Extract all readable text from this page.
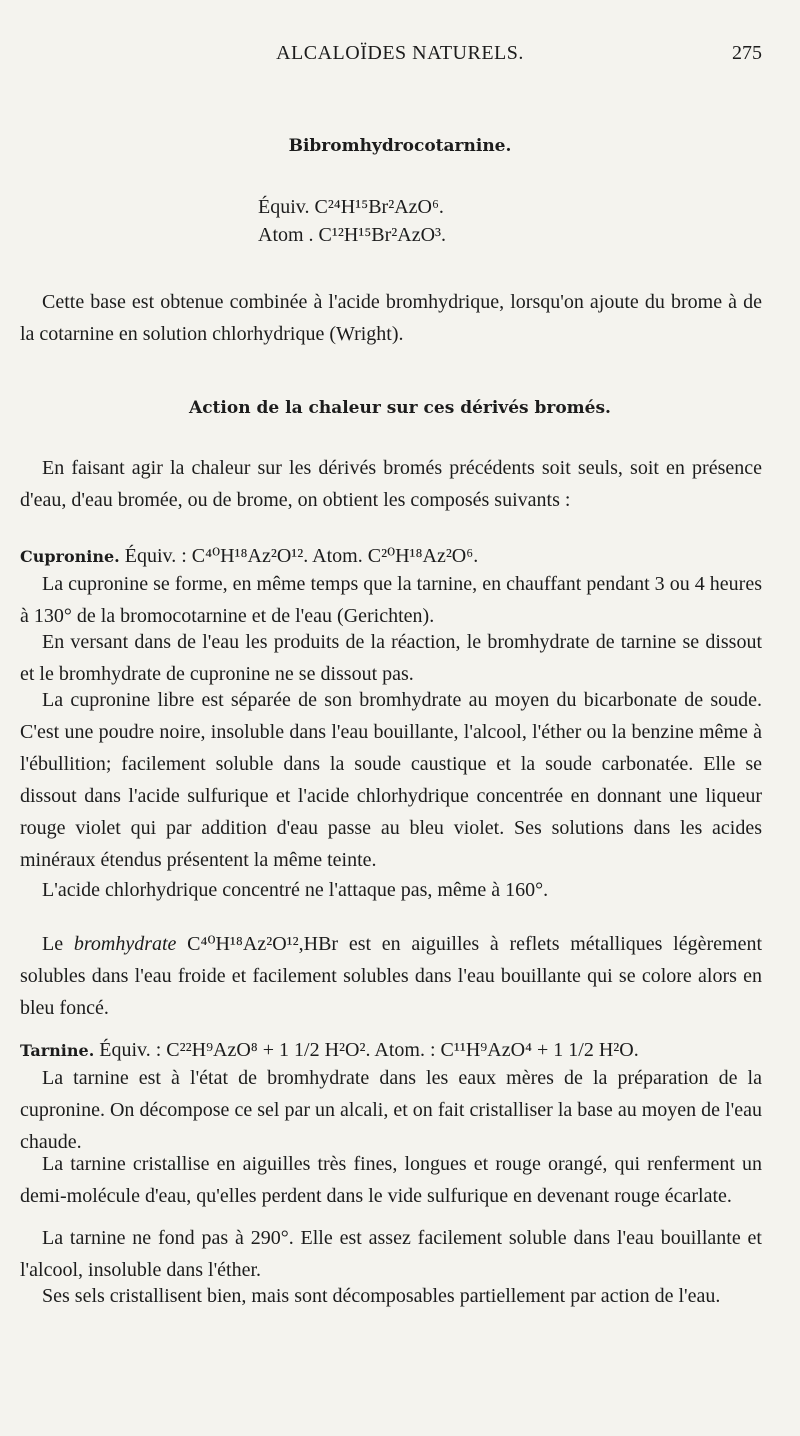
ALCALOÏDES NATURELS.	275
Bibromhydrocotarnine.
Équiv. C²⁴H¹⁵Br²AzO⁶.
Atom . C¹²H¹⁵Br²AzO³.

Cette base est obtenue combinée à l'acide bromhydrique, lorsqu'on ajoute du brome à de la cotarnine en solution chlorhydrique (Wright).

Action de la chaleur sur ces dérivés bromés.

En faisant agir la chaleur sur les dérivés bromés précédents soit seuls, soit en présence d'eau, d'eau bromée, ou de brome, on obtient les composés suivants :

Cupronine. Équiv. : C⁴⁰H¹⁸Az²O¹². Atom. C²⁰H¹⁸Az²O⁶.

La cupronine se forme, en même temps que la tarnine, en chauffant pendant 3 ou 4 heures à 130° de la bromocotarnine et de l'eau (Gerichten).

En versant dans de l'eau les produits de la réaction, le bromhydrate de tarnine se dissout et le bromhydrate de cupronine ne se dissout pas.

La cupronine libre est séparée de son bromhydrate au moyen du bicarbonate de soude. C'est une poudre noire, insoluble dans l'eau bouillante, l'alcool, l'éther ou la benzine même à l'ébullition; facilement soluble dans la soude caustique et la soude carbonatée. Elle se dissout dans l'acide sulfurique et l'acide chlorhydrique concentrée en donnant une liqueur rouge violet qui par addition d'eau passe au bleu violet. Ses solutions dans les acides minéraux étendus présentent la même teinte.

L'acide chlorhydrique concentré ne l'attaque pas, même à 160°.

Le bromhydrate C⁴⁰H¹⁸Az²O¹²,HBr est en aiguilles à reflets métalliques légèrement solubles dans l'eau froide et facilement solubles dans l'eau bouillante qui se colore alors en bleu foncé.

Tarnine. Équiv. : C²²H⁹AzO⁸ + 1 1/2 H²O². Atom. : C¹¹H⁹AzO⁴ + 1 1/2 H²O.

La tarnine est à l'état de bromhydrate dans les eaux mères de la préparation de la cupronine. On décompose ce sel par un alcali, et on fait cristalliser la base au moyen de l'eau chaude.

La tarnine cristallise en aiguilles très fines, longues et rouge orangé, qui renferment un demi-molécule d'eau, qu'elles perdent dans le vide sulfurique en devenant rouge écarlate.

La tarnine ne fond pas à 290°. Elle est assez facilement soluble dans l'eau bouillante et l'alcool, insoluble dans l'éther.

Ses sels cristallisent bien, mais sont décomposables partiellement par action de l'eau.
